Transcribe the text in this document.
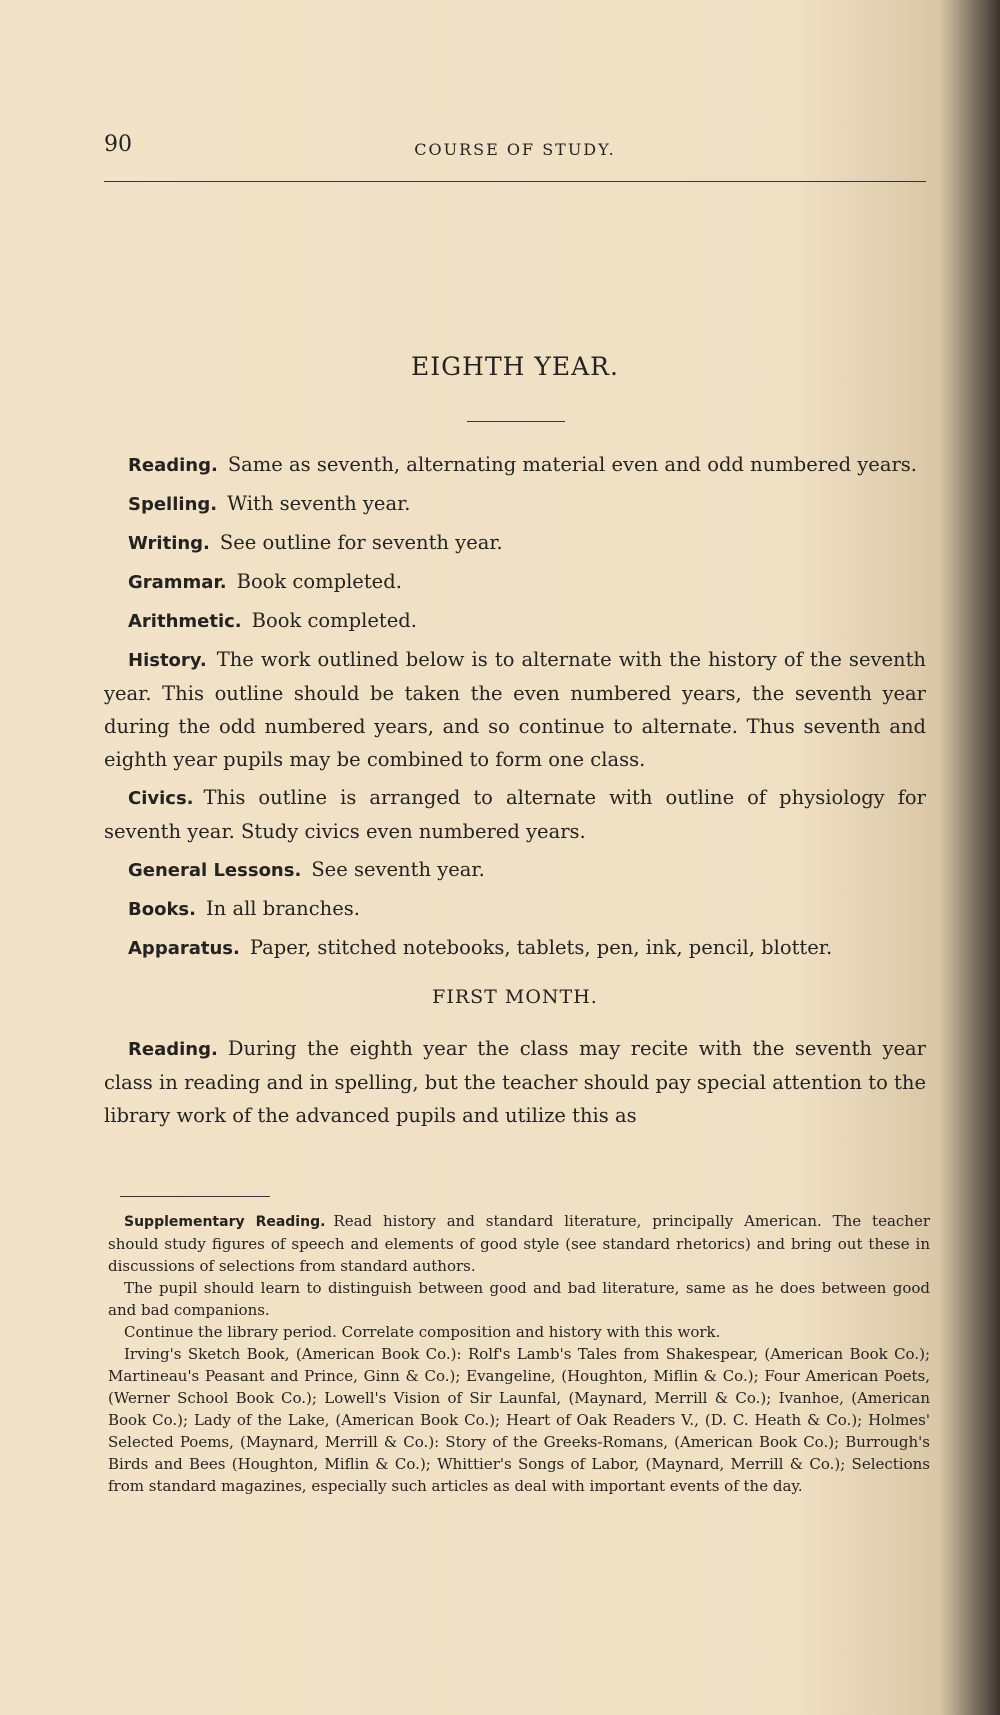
90	COURSE OF STUDY.
EIGHTH YEAR.

Reading. Same as seventh, alternating material even and odd numbered years.

Spelling. With seventh year.

Writing. See outline for seventh year.

Grammar. Book completed.

Arithmetic. Book completed.

History. The work outlined below is to alternate with the history of the seventh year. This outline should be taken the even numbered years, the seventh year during the odd numbered years, and so continue to alternate. Thus seventh and eighth year pupils may be combined to form one class.

Civics. This outline is arranged to alternate with outline of physiology for seventh year. Study civics even numbered years.

General Lessons. See seventh year.

Books. In all branches.

Apparatus. Paper, stitched notebooks, tablets, pen, ink, pencil, blotter.

FIRST MONTH.

Reading. During the eighth year the class may recite with the seventh year class in reading and in spelling, but the teacher should pay special attention to the library work of the advanced pupils and utilize this as

Supplementary Reading. Read history and standard literature, principally American. The teacher should study figures of speech and elements of good style (see standard rhetorics) and bring out these in discussions of selections from standard authors.

The pupil should learn to distinguish between good and bad literature, same as he does between good and bad companions.

Continue the library period. Correlate composition and history with this work.

Irving's Sketch Book, (American Book Co.): Rolf's Lamb's Tales from Shakespear, (American Book Co.); Martineau's Peasant and Prince, Ginn & Co.); Evangeline, (Houghton, Miflin & Co.); Four American Poets, (Werner School Book Co.); Lowell's Vision of Sir Launfal, (Maynard, Merrill & Co.); Ivanhoe, (American Book Co.); Lady of the Lake, (American Book Co.); Heart of Oak Readers V., (D. C. Heath & Co.); Holmes' Selected Poems, (Maynard, Merrill & Co.): Story of the Greeks-Romans, (American Book Co.); Burrough's Birds and Bees (Houghton, Miflin & Co.); Whittier's Songs of Labor, (Maynard, Merrill & Co.); Selections from standard magazines, especially such articles as deal with important events of the day.
